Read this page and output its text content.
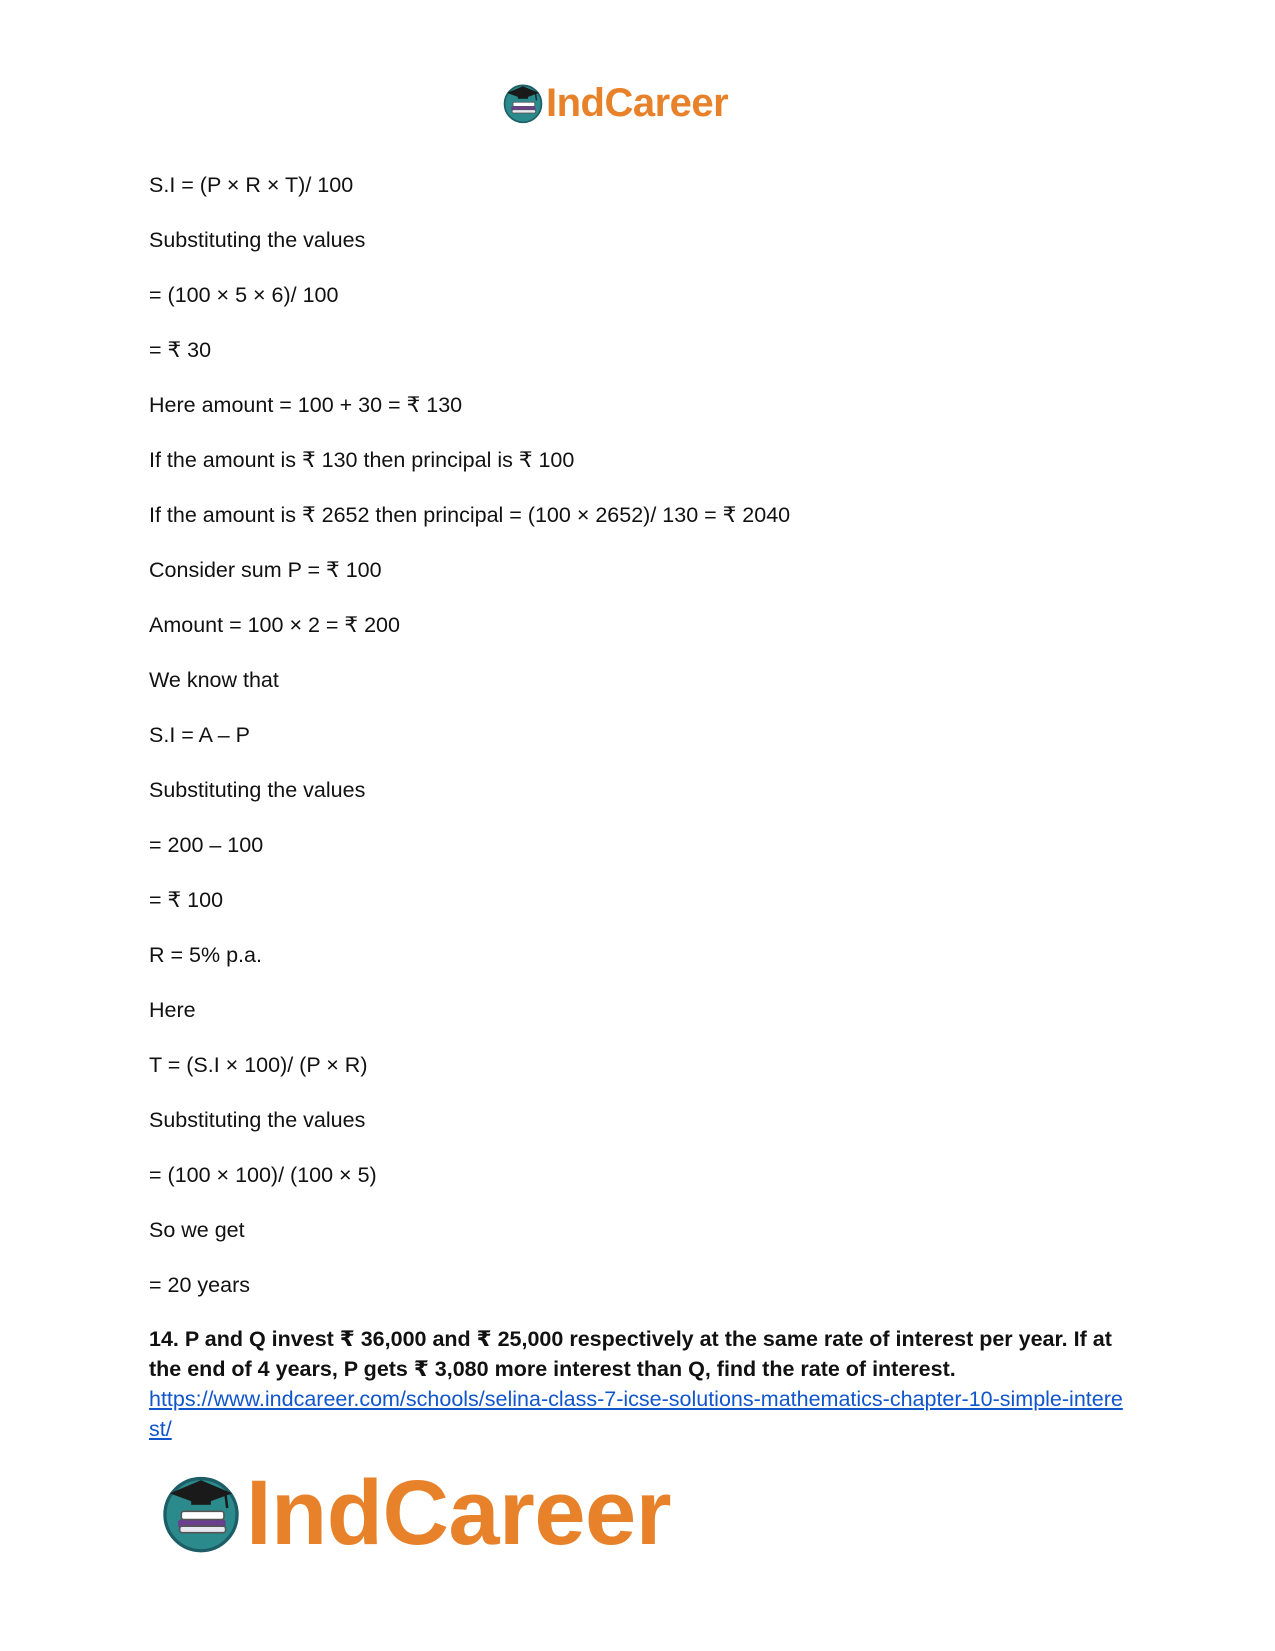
IndCareer
S.I = (P × R × T)/ 100
Substituting the values
= (100 × 5 × 6)/ 100
= ₹ 30
Here amount = 100 + 30 = ₹ 130
If the amount is ₹ 130 then principal is ₹ 100
If the amount is ₹ 2652 then principal = (100 × 2652)/ 130 = ₹ 2040
Consider sum P = ₹ 100
Amount = 100 × 2 = ₹ 200
We know that
S.I = A – P
Substituting the values
= 200 – 100
= ₹ 100
R = 5% p.a.
Here
T = (S.I × 100)/ (P × R)
Substituting the values
= (100 × 100)/ (100 × 5)
So we get
= 20 years
14. P and Q invest ₹ 36,000 and ₹ 25,000 respectively at the same rate of interest per year. If at the end of 4 years, P gets ₹ 3,080 more interest than Q, find the rate of interest.
https://www.indcareer.com/schools/selina-class-7-icse-solutions-mathematics-chapter-10-simple-interest/
IndCareer
